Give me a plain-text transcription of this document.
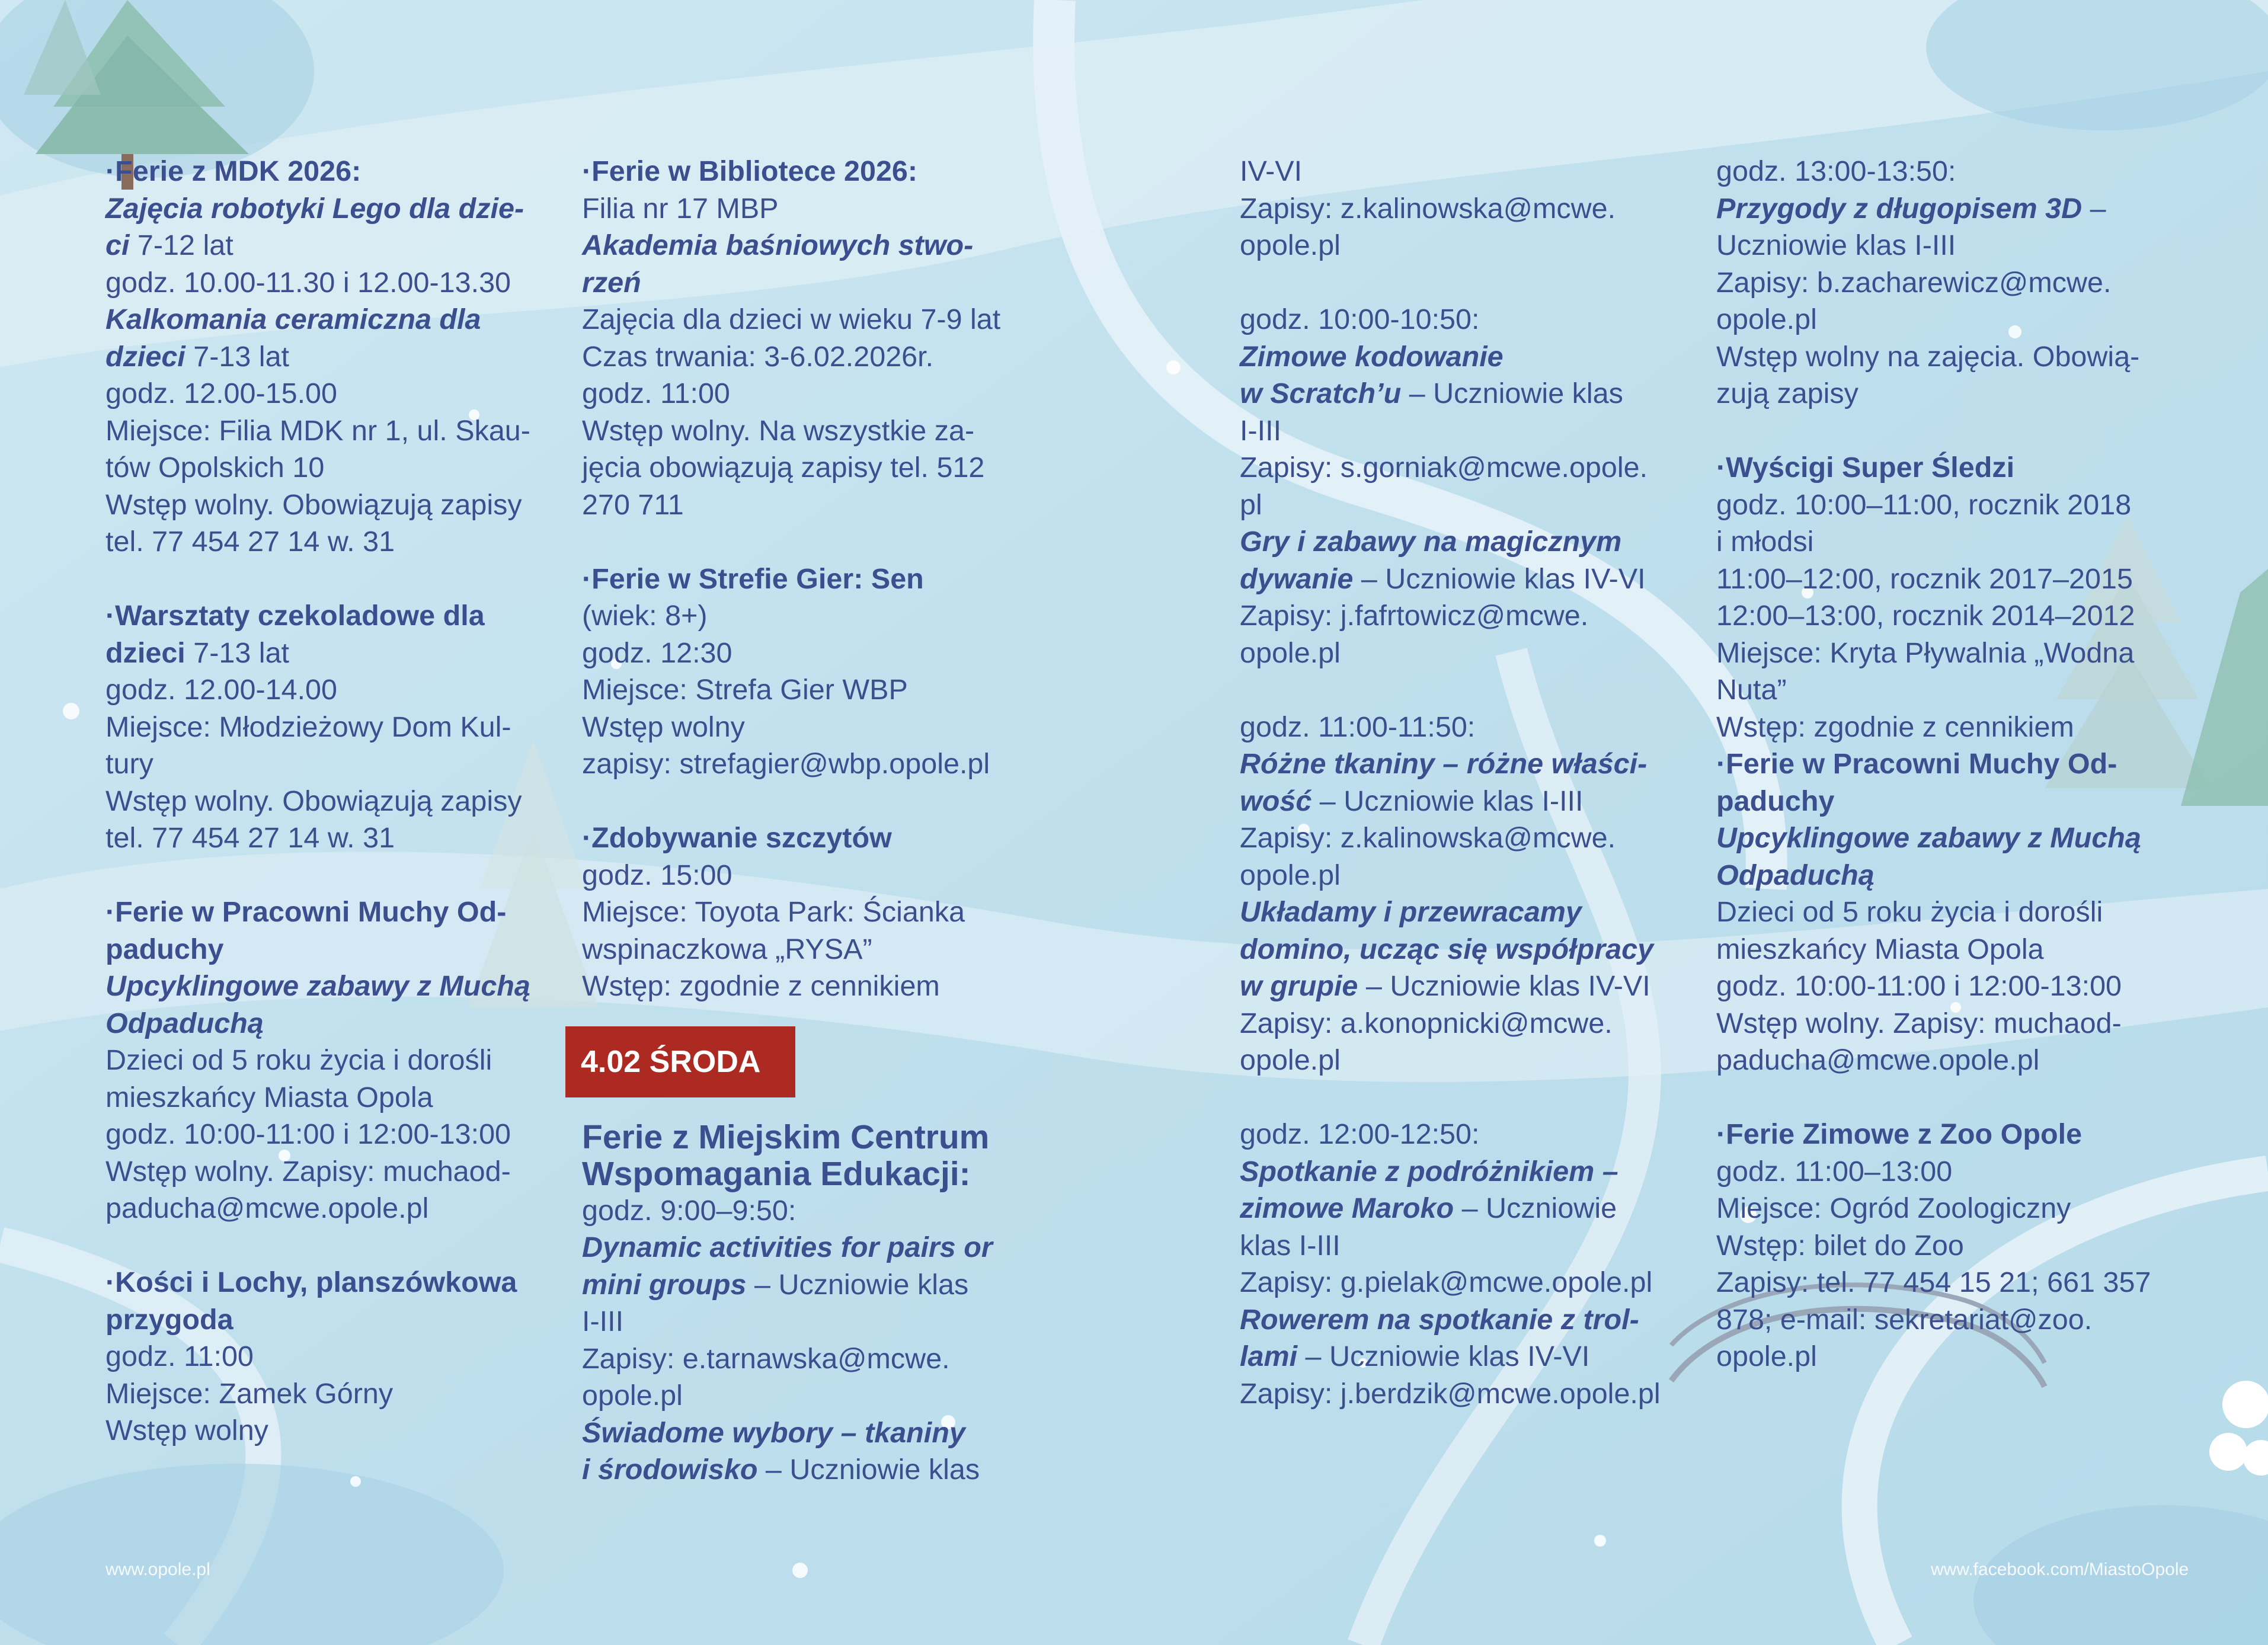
·Ferie z MDK 2026:
Zajęcia robotyki Lego dla dzie-
ci 7-12 lat
godz. 10.00-11.30 i 12.00-13.30
Kalkomania ceramiczna dla
dzieci 7-13 lat
godz. 12.00-15.00
Miejsce: Filia MDK nr 1, ul. Skau-
tów Opolskich 10
Wstęp wolny. Obowiązują zapisy
tel. 77 454 27 14 w. 31
·Warsztaty czekoladowe dla
dzieci 7-13 lat
godz. 12.00-14.00
Miejsce: Młodzieżowy Dom Kul-
tury
Wstęp wolny. Obowiązują zapisy
tel. 77 454 27 14 w. 31
·Ferie w Pracowni Muchy Od-
paduchy
Upcyklingowe zabawy z Muchą
Odpaduchą
Dzieci od 5 roku życia i dorośli
mieszkańcy Miasta Opola
godz. 10:00-11:00 i 12:00-13:00
Wstęp wolny. Zapisy: muchaod-
paducha@mcwe.opole.pl
·Kości i Lochy, planszówkowa
przygoda
godz. 11:00
Miejsce: Zamek Górny
Wstęp wolny
·Ferie w Bibliotece 2026:
Filia nr 17 MBP
Akademia baśniowych stwo-
rzeń
Zajęcia dla dzieci w wieku 7-9 lat
Czas trwania: 3-6.02.2026r.
godz. 11:00
Wstęp wolny. Na wszystkie za-
jęcia obowiązują zapisy tel. 512
270 711
·Ferie w Strefie Gier: Sen
(wiek: 8+)
godz. 12:30
Miejsce: Strefa Gier WBP
Wstęp wolny
zapisy: strefagier@wbp.opole.pl
·Zdobywanie szczytów
godz. 15:00
Miejsce: Toyota Park: Ścianka
wspinaczkowa „RYSA”
Wstęp: zgodnie z cennikiem
4.02 ŚRODA
Ferie z Miejskim Centrum
Wspomagania Edukacji:
godz. 9:00–9:50:
Dynamic activities for pairs or
mini groups – Uczniowie klas
I-III
Zapisy: e.tarnawska@mcwe.
opole.pl
Świadome wybory – tkaniny
i środowisko – Uczniowie klas
IV-VI
Zapisy: z.kalinowska@mcwe.
opole.pl
godz. 10:00-10:50:
Zimowe kodowanie
w Scratch’u – Uczniowie klas
I-III
Zapisy: s.gorniak@mcwe.opole.
pl
Gry i zabawy na magicznym
dywanie – Uczniowie klas IV-VI
Zapisy: j.fafrtowicz@mcwe.
opole.pl
godz. 11:00-11:50:
Różne tkaniny – różne właści-
wość – Uczniowie klas I-III
Zapisy: z.kalinowska@mcwe.
opole.pl
Układamy i przewracamy
domino, ucząc się współpracy
w grupie – Uczniowie klas IV-VI
Zapisy: a.konopnicki@mcwe.
opole.pl
godz. 12:00-12:50:
Spotkanie z podróżnikiem –
zimowe Maroko – Uczniowie
klas I-III
Zapisy: g.pielak@mcwe.opole.pl
Rowerem na spotkanie z trol-
lami – Uczniowie klas IV-VI
Zapisy: j.berdzik@mcwe.opole.pl
godz. 13:00-13:50:
Przygody z długopisem 3D –
Uczniowie klas I-III
Zapisy: b.zacharewicz@mcwe.
opole.pl
Wstęp wolny na zajęcia. Obowią-
zują zapisy
·Wyścigi Super Śledzi
godz. 10:00–11:00, rocznik 2018
i młodsi
11:00–12:00, rocznik 2017–2015
12:00–13:00, rocznik 2014–2012
Miejsce: Kryta Pływalnia „Wodna
Nuta”
Wstęp: zgodnie z cennikiem
·Ferie w Pracowni Muchy Od-
paduchy
Upcyklingowe zabawy z Muchą
Odpaduchą
Dzieci od 5 roku życia i dorośli
mieszkańcy Miasta Opola
godz. 10:00-11:00 i 12:00-13:00
Wstęp wolny. Zapisy: muchaod-
paducha@mcwe.opole.pl
·Ferie Zimowe z Zoo Opole
godz. 11:00–13:00
Miejsce: Ogród Zoologiczny
Wstęp: bilet do Zoo
Zapisy: tel. 77 454 15 21; 661 357
878; e-mail: sekretariat@zoo.
opole.pl
www.opole.pl	www.facebook.com/MiastoOpole
